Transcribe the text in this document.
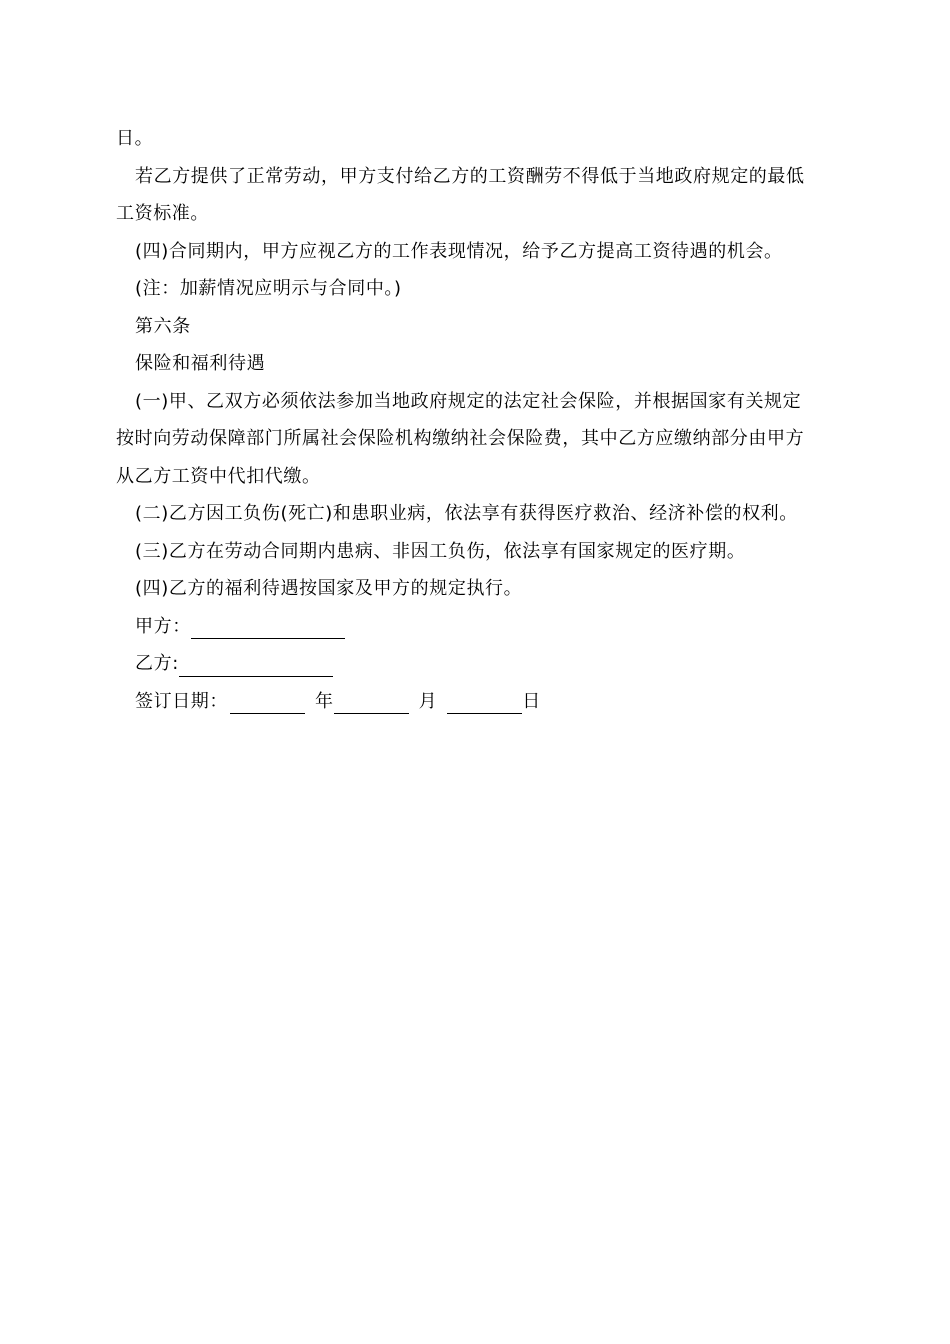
日。
若乙方提供了正常劳动，甲方支付给乙方的工资酬劳不得低于当地政府规定的最低
工资标准。
(四)合同期内，甲方应视乙方的工作表现情况，给予乙方提高工资待遇的机会。
(注：加薪情况应明示与合同中。)
第六条
保险和福利待遇
(一)甲、乙双方必须依法参加当地政府规定的法定社会保险，并根据国家有关规定
按时向劳动保障部门所属社会保险机构缴纳社会保险费，其中乙方应缴纳部分由甲方
从乙方工资中代扣代缴。
(二)乙方因工负伤(死亡)和患职业病，依法享有获得医疗救治、经济补偿的权利。
(三)乙方在劳动合同期内患病、非因工负伤，依法享有国家规定的医疗期。
(四)乙方的福利待遇按国家及甲方的规定执行。
甲方：
乙方:
签订日期：	年	月	日
